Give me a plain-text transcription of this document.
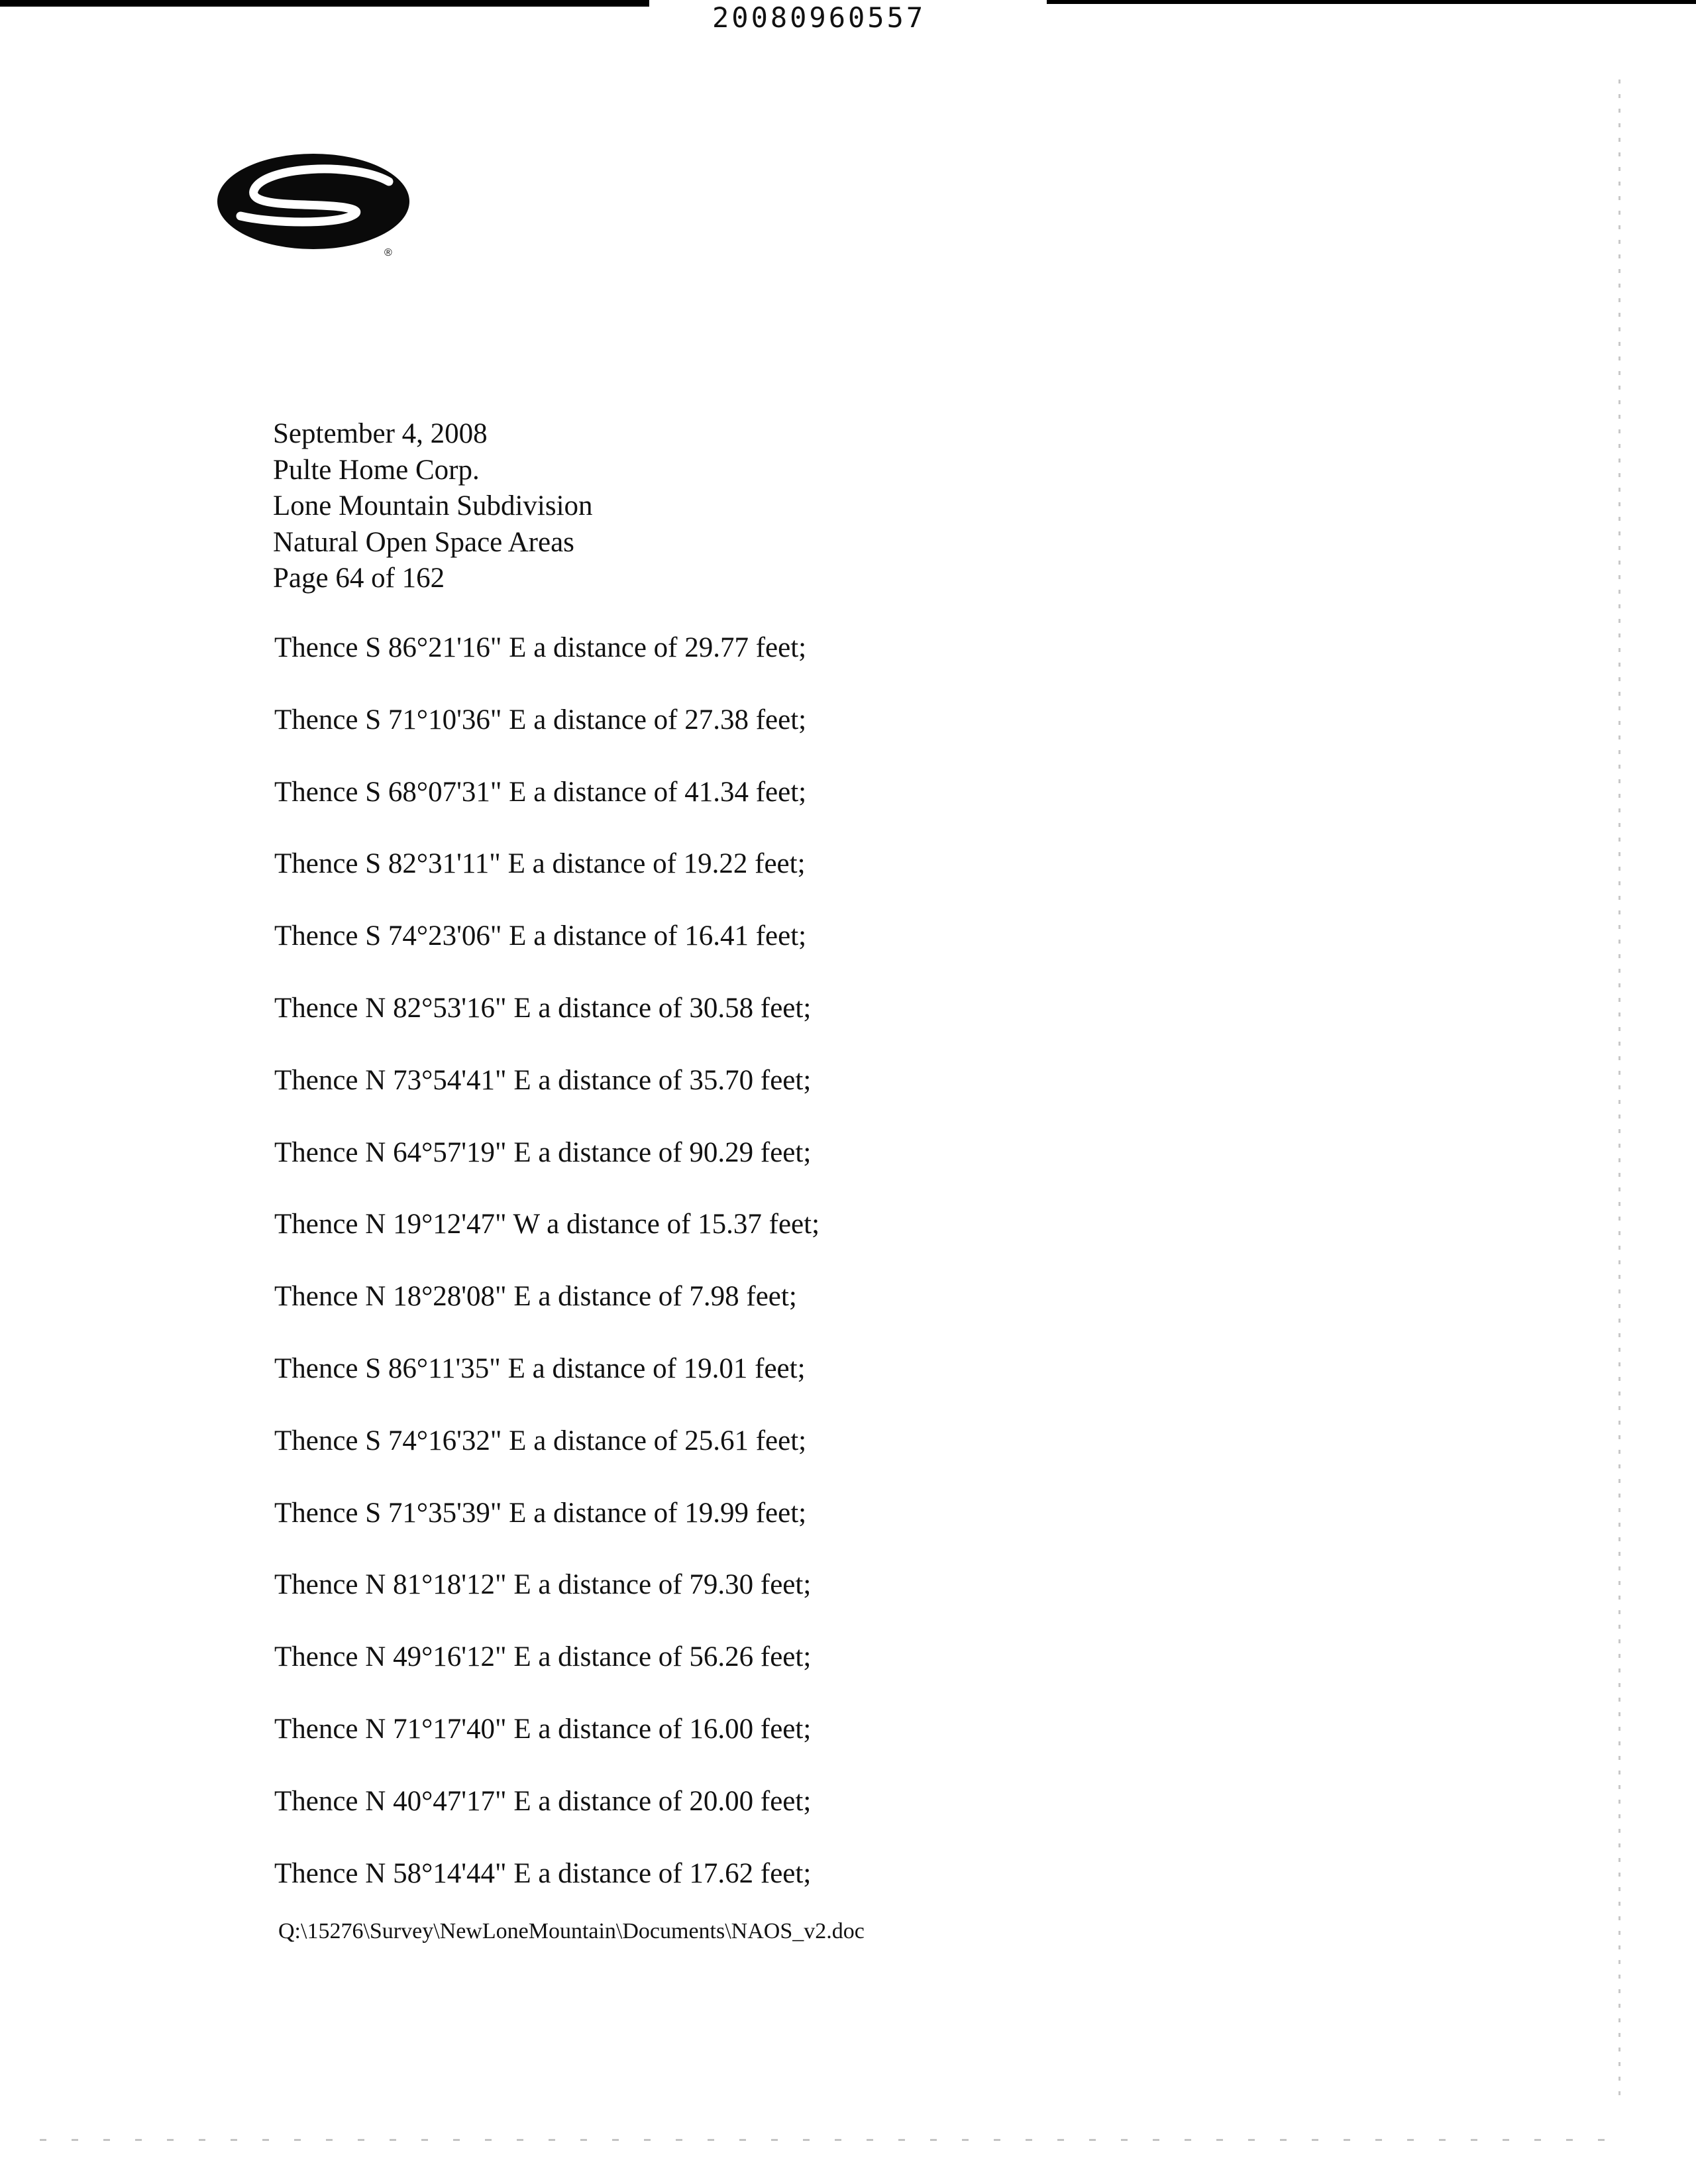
20080960557
®
September 4, 2008
Pulte Home Corp.
Lone Mountain Subdivision
Natural Open Space Areas
Page 64 of 162
Thence S 86°21'16" E a distance of 29.77 feet;
Thence S 71°10'36" E a distance of 27.38 feet;
Thence S 68°07'31" E a distance of 41.34 feet;
Thence S 82°31'11" E a distance of 19.22 feet;
Thence S 74°23'06" E a distance of 16.41 feet;
Thence N 82°53'16" E a distance of 30.58 feet;
Thence N 73°54'41" E a distance of 35.70 feet;
Thence N 64°57'19" E a distance of 90.29 feet;
Thence N 19°12'47" W a distance of 15.37 feet;
Thence N 18°28'08" E a distance of 7.98 feet;
Thence S 86°11'35" E a distance of 19.01 feet;
Thence S 74°16'32" E a distance of 25.61 feet;
Thence S 71°35'39" E a distance of 19.99 feet;
Thence N 81°18'12" E a distance of 79.30 feet;
Thence N 49°16'12" E a distance of 56.26 feet;
Thence N 71°17'40" E a distance of 16.00 feet;
Thence N 40°47'17" E a distance of 20.00 feet;
Thence N 58°14'44" E a distance of 17.62 feet;
Q:\15276\Survey\NewLoneMountain\Documents\NAOS_v2.doc
